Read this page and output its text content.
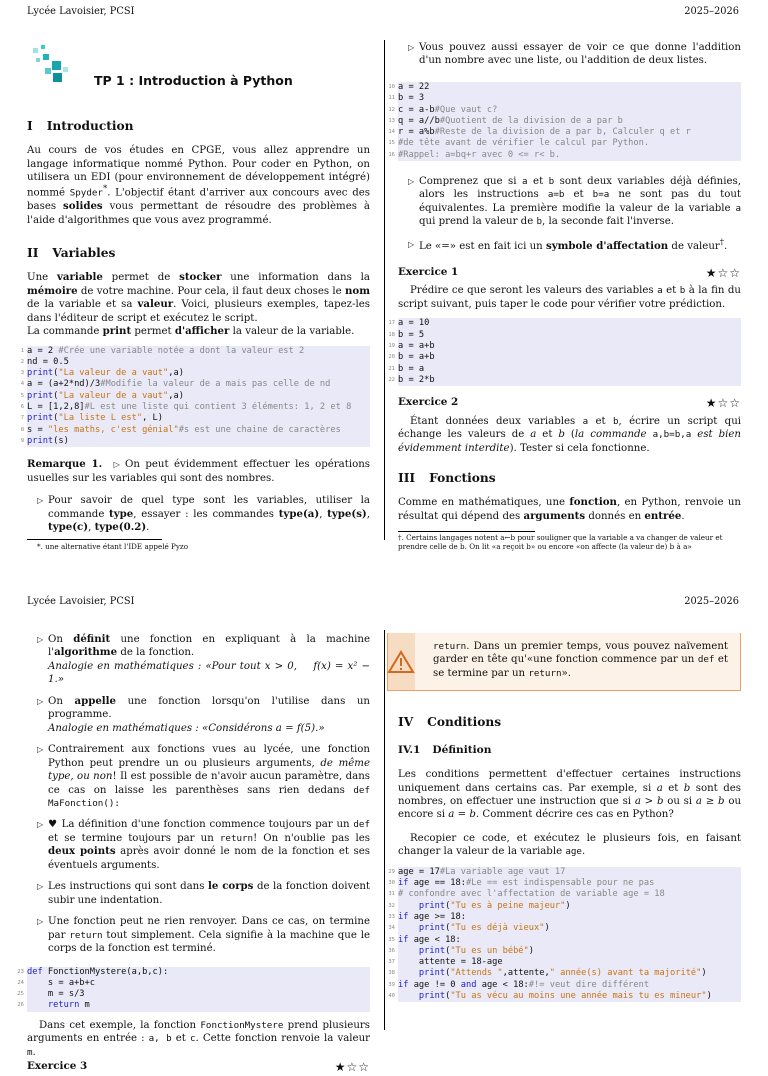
Lycée Lavoisier, PCSI	2025–2026
TP 1 : Introduction à Python
I Introduction

Au cours de vos études en CPGE, vous allez apprendre un langage informatique nommé Python. Pour coder en Python, on utilisera un EDI (pour environnement de développement intégré) nommé Spyder*. L'objectif étant d'arriver aux concours avec des bases solides vous permettant de résoudre des problèmes à l'aide d'algorithmes que vous avez programmé.

II Variables

Une variable permet de stocker une information dans la mémoire de votre machine. Pour cela, il faut deux choses le nom de la variable et sa valeur. Voici, plusieurs exemples, tapez-les dans l'éditeur de script et exécutez le script.

La commande print permet d'afficher la valeur de la variable.

1 a = 2 #Crée une variable notée a dont la valeur est 2
2 nd = 0.5
3 print("La valeur de a vaut",a)
4 a = (a+2*nd)/3#Modifie la valeur de a mais pas celle de nd
5 print("La valeur de a vaut",a)
6 L = [1,2,8]#L est une liste qui contient 3 éléments: 1, 2 et 8
7 print("La liste L est", L)
8 s = "les maths, c'est génial"#s est une chaine de caractères
9 print(s)
Remarque 1. ▷ On peut évidemment effectuer les opérations usuelles sur les variables qui sont des nombres.
▷ Pour savoir de quel type sont les variables, utiliser la commande type, essayer : les commandes type(a), type(s), type(c), type(0.2).
*. une alternative étant l'IDE appelé Pyzo
▷ Vous pouvez aussi essayer de voir ce que donne l'addition d'un nombre avec une liste, ou l'addition de deux listes.
10 a = 22
11 b = 3
12 c = a-b#Que vaut c?
13 q = a//b#Quotient de la division de a par b
14 r = a%b#Reste de la division de a par b, Calculer q et r
15 #de tête avant de vérifier le calcul par Python.
16 #Rappel: a=bq+r avec 0 <= r< b.
▷ Comprenez que si a et b sont deux variables déjà définies, alors les instructions a=b et b=a ne sont pas du tout équivalentes. La première modifie la valeur de la variable a qui prend la valeur de b, la seconde fait l'inverse.
▷ Le «=» est en fait ici un symbole d'affectation de valeur†.
Exercice 1	★☆☆

Prédire ce que seront les valeurs des variables a et b à la fin du script suivant, puis taper le code pour vérifier votre prédiction.

17 a = 10
18 b = 5
19 a = a+b
20 b = a+b
21 b = a
22 b = 2*b
Exercice 2	★☆☆

Étant données deux variables a et b, écrire un script qui échange les valeurs de a et b (la commande a,b=b,a est bien évidemment interdite). Tester si cela fonctionne.

III Fonctions

Comme en mathématiques, une fonction, en Python, renvoie un résultat qui dépend des arguments donnés en entrée.

†. Certains langages notent a←b pour souligner que la variable a va changer de valeur et prendre celle de b. On lit «a reçoit b» ou encore «on affecte (la valeur de) b à a»
Lycée Lavoisier, PCSI	2025–2026
▷ On définit une fonction en expliquant à la machine l'algorithme de la fonction.
Analogie en mathématiques : «Pour tout x > 0,    f(x) = x² − 1.»
▷ On appelle une fonction lorsqu'on l'utilise dans un programme.
Analogie en mathématiques : «Considérons a = f(5).»
▷ Contrairement aux fonctions vues au lycée, une fonction Python peut prendre un ou plusieurs arguments, de même type, ou non! Il est possible de n'avoir aucun paramètre, dans ce cas on laisse les parenthèses sans rien dedans def MaFonction():
▷ ♥ La définition d'une fonction commence toujours par un def et se termine toujours par un return! On n'oublie pas les deux points après avoir donné le nom de la fonction et ses éventuels arguments.
▷ Les instructions qui sont dans le corps de la fonction doivent subir une indentation.
▷ Une fonction peut ne rien renvoyer. Dans ce cas, on termine par return tout simplement. Cela signifie à la machine que le corps de la fonction est terminé.
23 def FonctionMystere(a,b,c):
24 s = a+b+c
25 m = s/3
26	return m

Dans cet exemple, la fonction FonctionMystere prend plusieurs arguments en entrée : a, b et c. Cette fonction renvoie la valeur m.

Exercice 3	★☆☆

return. Dans un premier temps, vous pouvez naïvement garder en tête qu'«une fonction commence par un def et se termine par un return».

IV Conditions
IV.1 Définition

Les conditions permettent d'effectuer certaines instructions uniquement dans certains cas. Par exemple, si a et b sont des nombres, on effectuer une instruction que si a > b ou si a ≥ b ou encore si a = b. Comment décrire ces cas en Python?

Recopier ce code, et exécutez le plusieurs fois, en faisant changer la valeur de la variable age.

29 age = 17#La variable age vaut 17
30 if age == 18:#Le == est indispensable pour ne pas
31 # confondre avec l'affectation de variable age = 18
32	print("Tu es à peine majeur")
33 if age >= 18:
34	print("Tu es déjà vieux")
35 if age < 18:
36	print("Tu es un bébé")
37 attente = 18-age
38	print("Attends ",attente," année(s) avant ta majorité")
39 if age != 0 and age < 18:#!= veut dire différent
40	print("Tu as vécu au moins une année mais tu es mineur")
